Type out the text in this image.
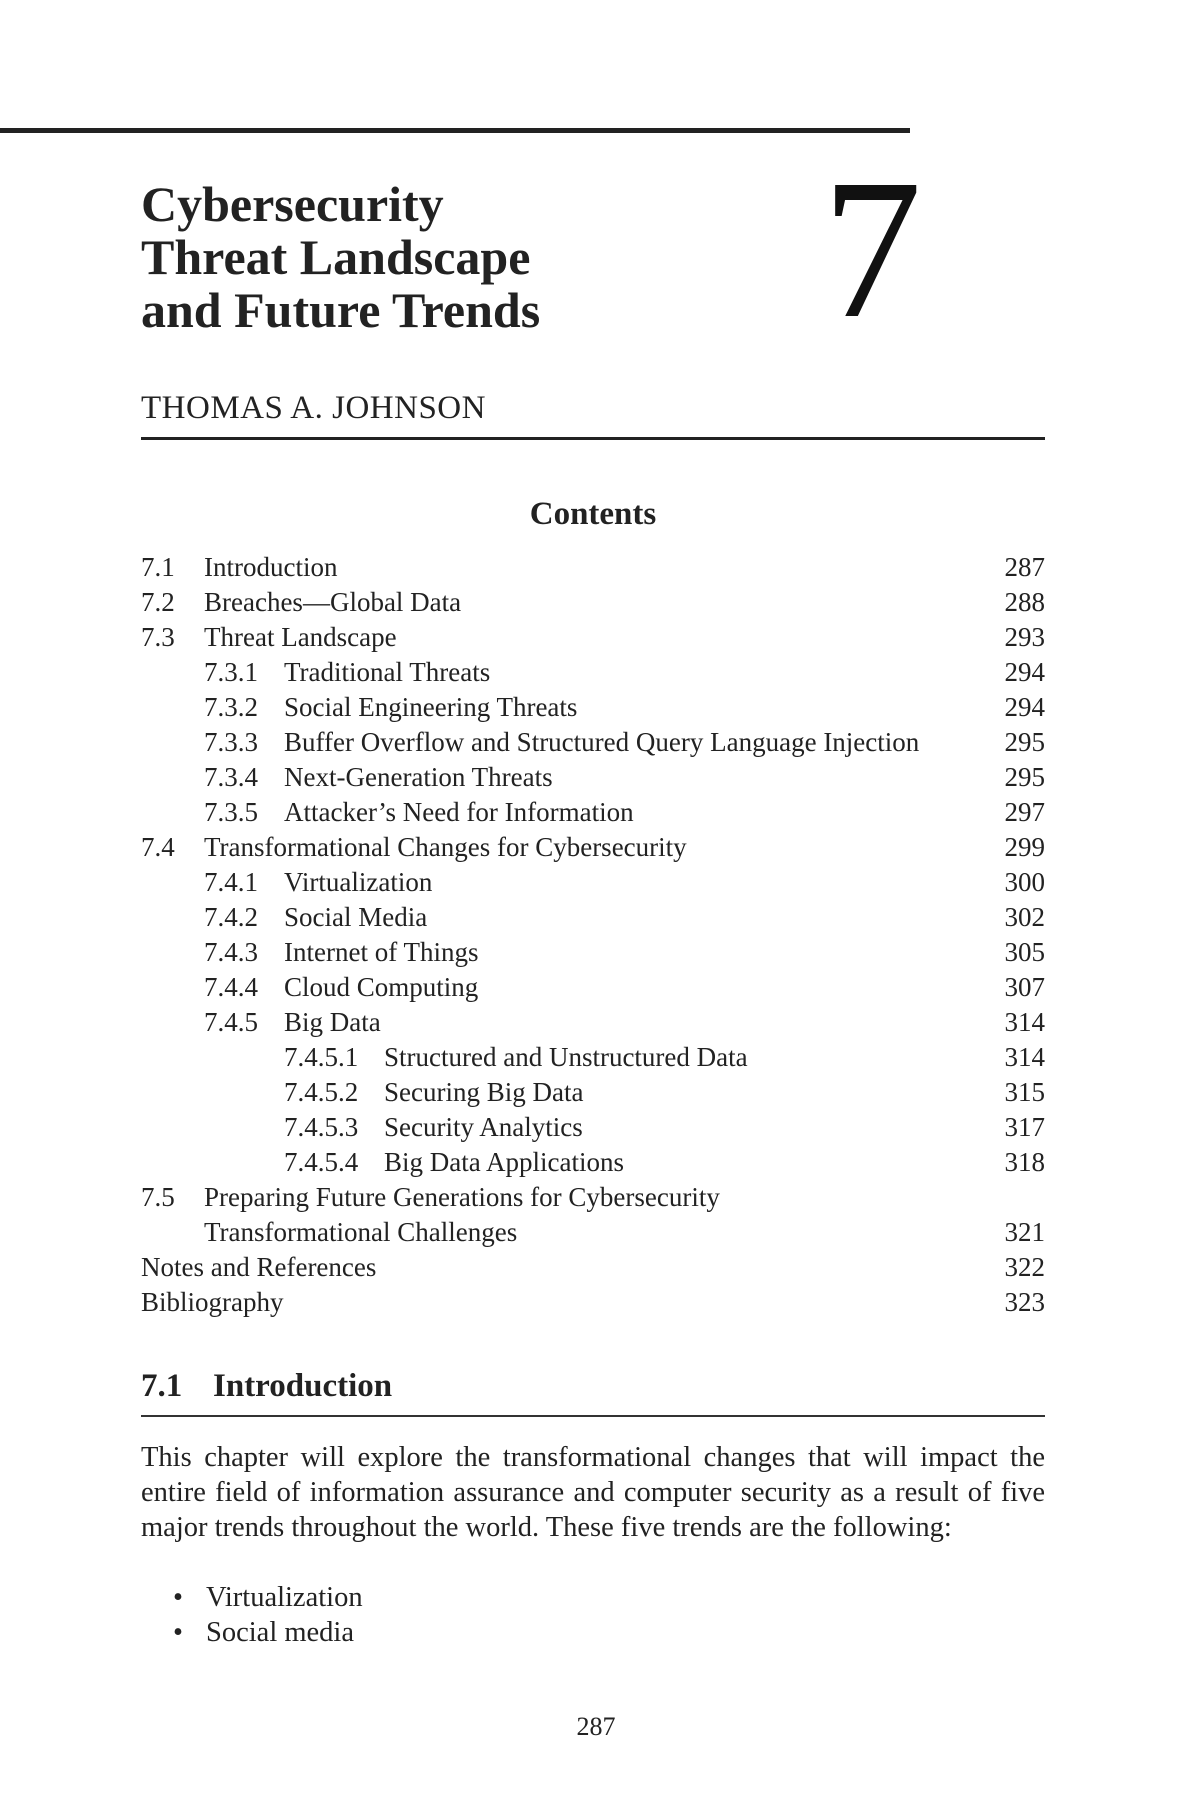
Cybersecurity
Threat Landscape
and Future Trends 7
THOMAS A. JOHNSON
Contents
7.1 Introduction	287
7.2 Breaches—Global Data	288
7.3 Threat Landscape	293
7.3.1 Traditional Threats	294
7.3.2 Social Engineering Threats	294
7.3.3 Buffer Overflow and Structured Query Language Injection	295
7.3.4 Next-Generation Threats	295
7.3.5 Attacker’s Need for Information	297
7.4 Transformational Changes for Cybersecurity	299
7.4.1 Virtualization	300
7.4.2 Social Media	302
7.4.3 Internet of Things	305
7.4.4 Cloud Computing	307
7.4.5 Big Data	314
7.4.5.1 Structured and Unstructured Data	314
7.4.5.2 Securing Big Data	315
7.4.5.3 Security Analytics	317
7.4.5.4 Big Data Applications	318
7.5 Preparing Future Generations for Cybersecurity
Transformational Challenges	321
Notes and References	322
Bibliography	323
7.1 Introduction

This chapter will explore the transformational changes that will impact the entire field of information assurance and computer security as a result of five major trends throughout the world. These five trends are the following:

• Virtualization
• Social media
287
